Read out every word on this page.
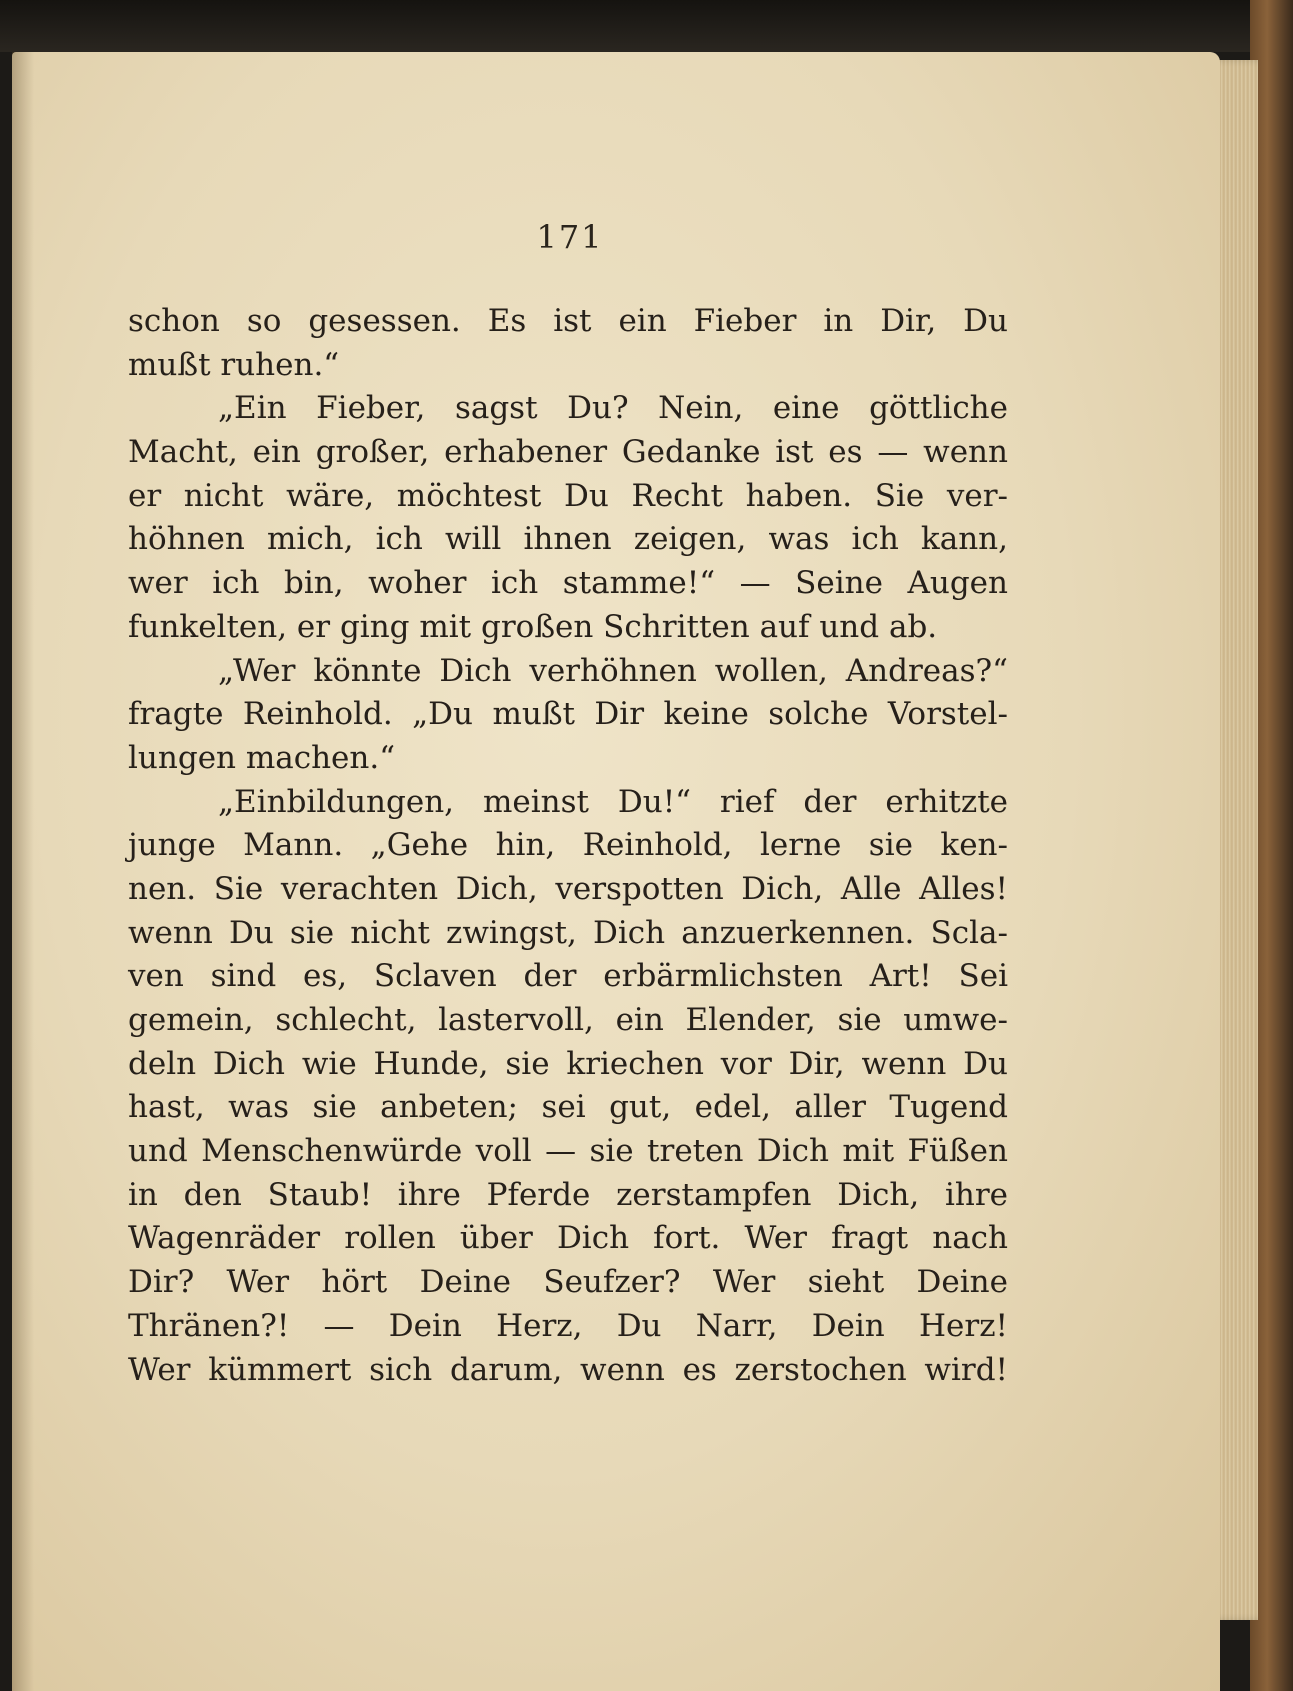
171
schon so gesessen. Es ist ein Fieber in Dir, Du
mußt ruhen.“
„Ein Fieber, sagst Du? Nein, eine göttliche
Macht, ein großer, erhabener Gedanke ist es — wenn
er nicht wäre, möchtest Du Recht haben. Sie ver-
höhnen mich, ich will ihnen zeigen, was ich kann,
wer ich bin, woher ich stamme!“ — Seine Augen
funkelten, er ging mit großen Schritten auf und ab.
„Wer könnte Dich verhöhnen wollen, Andreas?“
fragte Reinhold. „Du mußt Dir keine solche Vorstel-
lungen machen.“
„Einbildungen, meinst Du!“ rief der erhitzte
junge Mann. „Gehe hin, Reinhold, lerne sie ken-
nen. Sie verachten Dich, verspotten Dich, Alle Alles!
wenn Du sie nicht zwingst, Dich anzuerkennen. Scla-
ven sind es, Sclaven der erbärmlichsten Art! Sei
gemein, schlecht, lastervoll, ein Elender, sie umwe-
deln Dich wie Hunde, sie kriechen vor Dir, wenn Du
hast, was sie anbeten; sei gut, edel, aller Tugend
und Menschenwürde voll — sie treten Dich mit Füßen
in den Staub! ihre Pferde zerstampfen Dich, ihre
Wagenräder rollen über Dich fort. Wer fragt nach
Dir? Wer hört Deine Seufzer? Wer sieht Deine
Thränen?! — Dein Herz, Du Narr, Dein Herz!
Wer kümmert sich darum, wenn es zerstochen wird!
